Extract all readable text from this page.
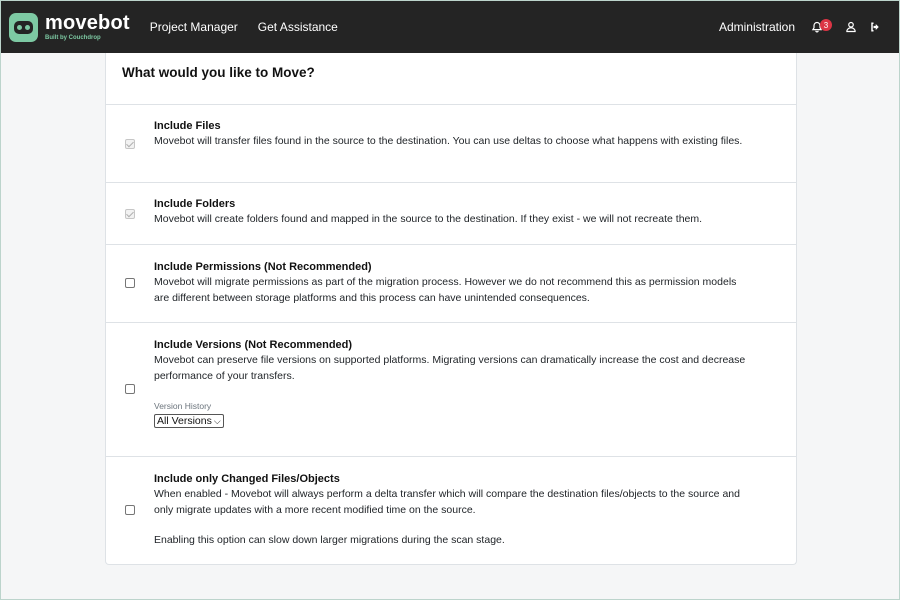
movebot
Built by Couchdrop
Project Manager Get Assistance	Administration	3
What would you like to Move?
Include Files
Movebot will transfer files found in the source to the destination. You can use deltas to choose what happens with existing files.
Include Folders
Movebot will create folders found and mapped in the source to the destination. If they exist - we will not recreate them.
Include Permissions (Not Recommended)
Movebot will migrate permissions as part of the migration process. However we do not recommend this as permission models are different between storage platforms and this process can have unintended consequences.
Include Versions (Not Recommended)
Movebot can preserve file versions on supported platforms. Migrating versions can dramatically increase the cost and decrease performance of your transfers.
Version History
All Versions ⌵
Include only Changed Files/Objects
When enabled - Movebot will always perform a delta transfer which will compare the destination files/objects to the source and only migrate updates with a more recent modified time on the source.
Enabling this option can slow down larger migrations during the scan stage.
